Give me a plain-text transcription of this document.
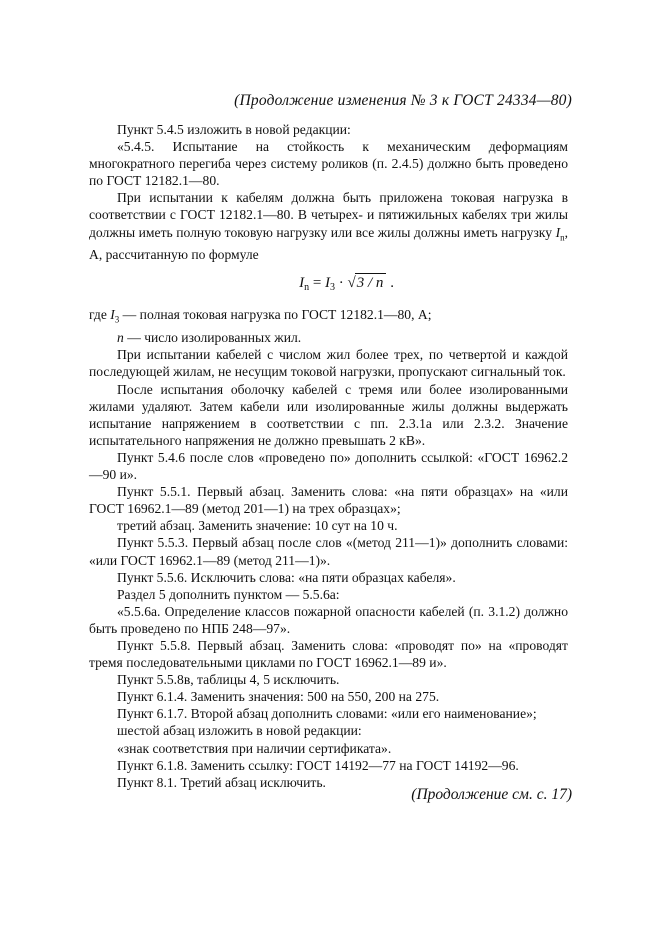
(Продолжение изменения № 3 к ГОСТ 24334—80)

Пункт 5.4.5 изложить в новой редакции:

«5.4.5. Испытание на стойкость к механическим деформациям многократного перегиба через систему роликов (п. 2.4.5) должно быть проведено по ГОСТ 12182.1—80.

При испытании к кабелям должна быть приложена токовая нагрузка в соответствии с ГОСТ 12182.1—80. В четырех- и пятижильных кабелях три жилы должны иметь полную токовую нагрузку или все жилы должны иметь нагрузку $I_n$, A, рассчитанную по формуле

$I_n = I_3 \cdot √3 / n$ .

где $I_3$ — полная токовая нагрузка по ГОСТ 12182.1—80, А;

n — число изолированных жил.

При испытании кабелей с числом жил более трех, по четвертой и каждой последующей жилам, не несущим токовой нагрузки, пропускают сигнальный ток.

После испытания оболочку кабелей с тремя или более изолированными жилами удаляют. Затем кабели или изолированные жилы должны выдержать испытание напряжением в соответствии с пп. 2.3.1а или 2.3.2. Значение испытательного напряжения не должно превышать 2 кВ».

Пункт 5.4.6 после слов «проведено по» дополнить ссылкой: «ГОСТ 16962.2—90 и».

Пункт 5.5.1. Первый абзац. Заменить слова: «на пяти образцах» на «или ГОСТ 16962.1—89 (метод 201—1) на трех образцах»;

третий абзац. Заменить значение: 10 сут на 10 ч.

Пункт 5.5.3. Первый абзац после слов «(метод 211—1)» дополнить словами: «или ГОСТ 16962.1—89 (метод 211—1)».

Пункт 5.5.6. Исключить слова: «на пяти образцах кабеля».

Раздел 5 дополнить пунктом — 5.5.6а:

«5.5.6а. Определение классов пожарной опасности кабелей (п. 3.1.2) должно быть проведено по НПБ 248—97».

Пункт 5.5.8. Первый абзац. Заменить слова: «проводят по» на «проводят тремя последовательными циклами по ГОСТ 16962.1—89 и».

Пункт 5.5.8в, таблицы 4, 5 исключить.

Пункт 6.1.4. Заменить значения: 500 на 550, 200 на 275.

Пункт 6.1.7. Второй абзац дополнить словами: «или его наименование»;

шестой абзац изложить в новой редакции:

«знак соответствия при наличии сертификата».

Пункт 6.1.8. Заменить ссылку: ГОСТ 14192—77 на ГОСТ 14192—96.

Пункт 8.1. Третий абзац исключить.

(Продолжение см. с. 17)
